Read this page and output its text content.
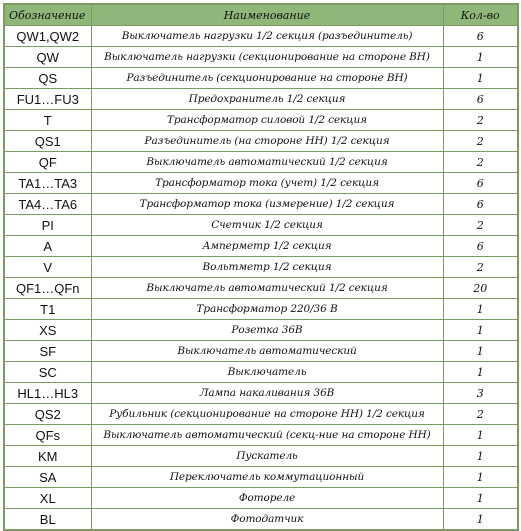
Обозначение	Наименование	Кол-во
QW1,QW2	Выключатель нагрузки 1/2 секция (разъединитель)	6
QW	Выключатель нагрузки (секционирование на стороне ВН)	1
QS	Разъединитель (секционирование на стороне ВН)	1
FU1…FU3	Предохранитель 1/2 секция	6
T	Трансформатор силовой 1/2 секция	2
QS1	Разъединитель (на стороне НН) 1/2 секция	2
QF	Выключатель автоматический 1/2 секция	2
TA1…TA3	Трансформатор тока (учет) 1/2 секция	6
TA4…TA6	Трансформатор тока (измерение) 1/2 секция	6
PI	Счетчик 1/2 секция	2
A	Амперметр 1/2 секция	6
V	Вольтметр 1/2 секция	2
QF1…QFn	Выключатель автоматический 1/2 секция	20
T1	Трансформатор 220/36 В	1
XS	Розетка 36В	1
SF	Выключатель автоматический	1
SC	Выключатель	1
HL1…HL3	Лампа накаливания 36В	3
QS2	Рубильник (секционирование на стороне НН) 1/2 секция	2
QFs	Выключатель автоматический (секц-ние на стороне НН)	1
KM	Пускатель	1
SA	Переключатель коммутационный	1
XL	Фотореле	1
BL	Фотодатчик	1
